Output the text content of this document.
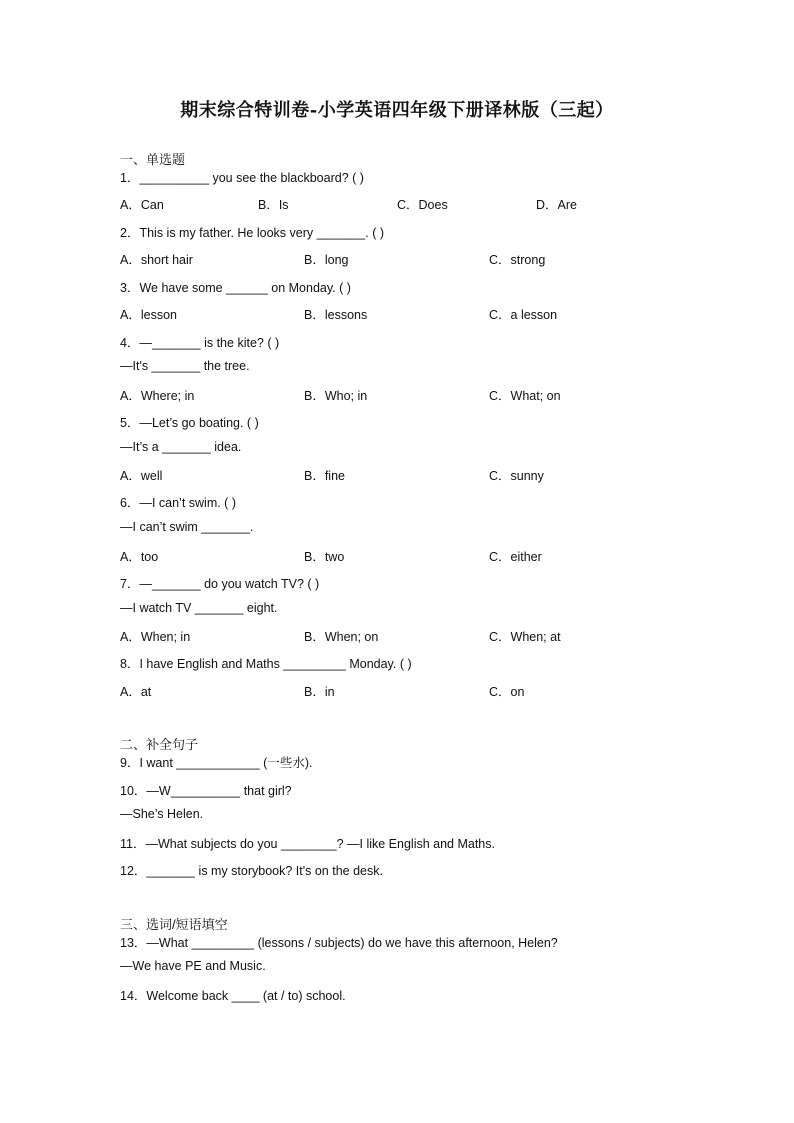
期末综合特训卷-小学英语四年级下册译林版（三起）
一、单选题
1．__________ you see the blackboard? ( )
A．Can	B．Is	C．Does	D．Are
2．This is my father. He looks very _______. ( )
A．short hair	B．long	C．strong
3．We have some ______ on Monday. ( )
A．lesson	B．lessons	C．a lesson
4．—_______ is the kite? ( )
—It's _______ the tree.
A．Where; in	B．Who; in	C．What; on
5．—Let’s go boating. ( )
—It’s a _______ idea.
A．well	B．fine	C．sunny
6．—I can’t swim. ( )
—I can’t swim _______.
A．too	B．two	C．either
7．—_______ do you watch TV? ( )
—I watch TV _______ eight.
A．When; in	B．When; on	C．When; at
8．I have English and Maths _________ Monday. ( )
A．at	B．in	C．on
二、补全句子
9．I want ____________ (一些水).
10．—W__________ that girl?
—She’s Helen.
11．—What subjects do you ________? —I like English and Maths.
12．_______ is my storybook? It's on the desk.
三、选词/短语填空
13．—What _________ (lessons / subjects) do we have this afternoon, Helen?
—We have PE and Music.
14．Welcome back ____ (at / to) school.
